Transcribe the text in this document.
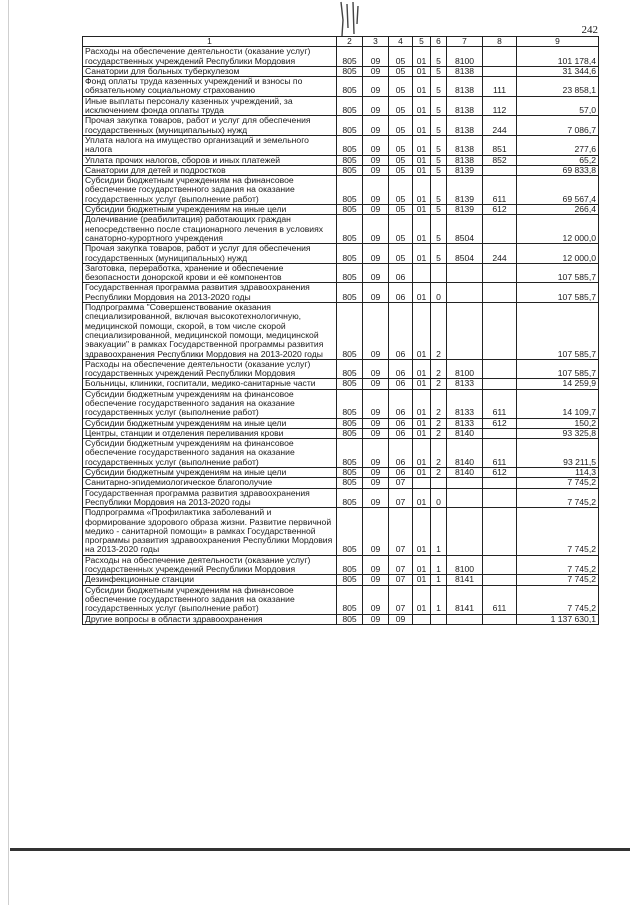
242
1	2	3	4	5	6	7	8	9
Расходы на обеспечение деятельности (оказание услуг) государственных учреждений Республики Мордовия	805	09	05	01	5	8100		101 178,4
Санатории для больных туберкулезом	805	09	05	01	5	8138		31 344,6
Фонд оплаты труда казенных учреждений и взносы по обязательному социальному страхованию	805	09	05	01	5	8138	111	23 858,1
Иные выплаты персоналу казенных учреждений, за исключением фонда оплаты труда	805	09	05	01	5	8138	112	57,0
Прочая закупка товаров, работ и услуг для обеспечения государственных (муниципальных) нужд	805	09	05	01	5	8138	244	7 086,7
Уплата налога на имущество организаций и земельного налога	805	09	05	01	5	8138	851	277,6
Уплата прочих налогов, сборов и иных платежей	805	09	05	01	5	8138	852	65,2
Санатории для детей и подростков	805	09	05	01	5	8139		69 833,8
Субсидии бюджетным учреждениям на финансовое обеспечение государственного задания на оказание государственных услуг (выполнение работ)	805	09	05	01	5	8139	611	69 567,4
Субсидии бюджетным учреждениям на иные цели	805	09	05	01	5	8139	612	266,4
Долечивание (реабилитация) работающих граждан непосредственно после стационарного лечения в условиях санаторно-курортного учреждения	805	09	05	01	5	8504		12 000,0
Прочая закупка товаров, работ и услуг для обеспечения государственных (муниципальных) нужд	805	09	05	01	5	8504	244	12 000,0
Заготовка, переработка, хранение и обеспечение безопасности донорской крови и её компонентов	805	09	06					107 585,7
Государственная программа развития здравоохранения Республики Мордовия на 2013-2020 годы	805	09	06	01	0			107 585,7
Подпрограмма "Совершенствование оказания специализированной, включая высокотехнологичную, медицинской помощи, скорой, в том числе скорой специализированной, медицинской помощи, медицинской эвакуации" в рамках Государственной программы развития здравоохранения Республики Мордовия на 2013-2020 годы	805	09	06	01	2			107 585,7
Расходы на обеспечение деятельности (оказание услуг) государственных учреждений Республики Мордовия	805	09	06	01	2	8100		107 585,7
Больницы, клиники, госпитали, медико-санитарные части	805	09	06	01	2	8133		14 259,9
Субсидии бюджетным учреждениям на финансовое обеспечение государственного задания на оказание государственных услуг (выполнение работ)	805	09	06	01	2	8133	611	14 109,7
Субсидии бюджетным учреждениям на иные цели	805	09	06	01	2	8133	612	150,2
Центры, станции и отделения переливания крови	805	09	06	01	2	8140		93 325,8
Субсидии бюджетным учреждениям на финансовое обеспечение государственного задания на оказание государственных услуг (выполнение работ)	805	09	06	01	2	8140	611	93 211,5
Субсидии бюджетным учреждениям на иные цели	805	09	06	01	2	8140	612	114,3
Санитарно-эпидемиологическое благополучие	805	09	07					7 745,2
Государственная программа развития здравоохранения Республики Мордовия на 2013-2020 годы	805	09	07	01	0			7 745,2
Подпрограмма «Профилактика заболеваний и формирование здорового образа жизни. Развитие первичной медико - санитарной помощи» в рамках Государственной программы развития здравоохранения Республики Мордовия на 2013-2020 годы	805	09	07	01	1			7 745,2
Расходы на обеспечение деятельности (оказание услуг) государственных учреждений Республики Мордовия	805	09	07	01	1	8100		7 745,2
Дезинфекционные станции	805	09	07	01	1	8141		7 745,2
Субсидии бюджетным учреждениям на финансовое обеспечение государственного задания на оказание государственных услуг (выполнение работ)	805	09	07	01	1	8141	611	7 745,2
Другие вопросы в области здравоохранения	805	09	09					1 137 630,1
